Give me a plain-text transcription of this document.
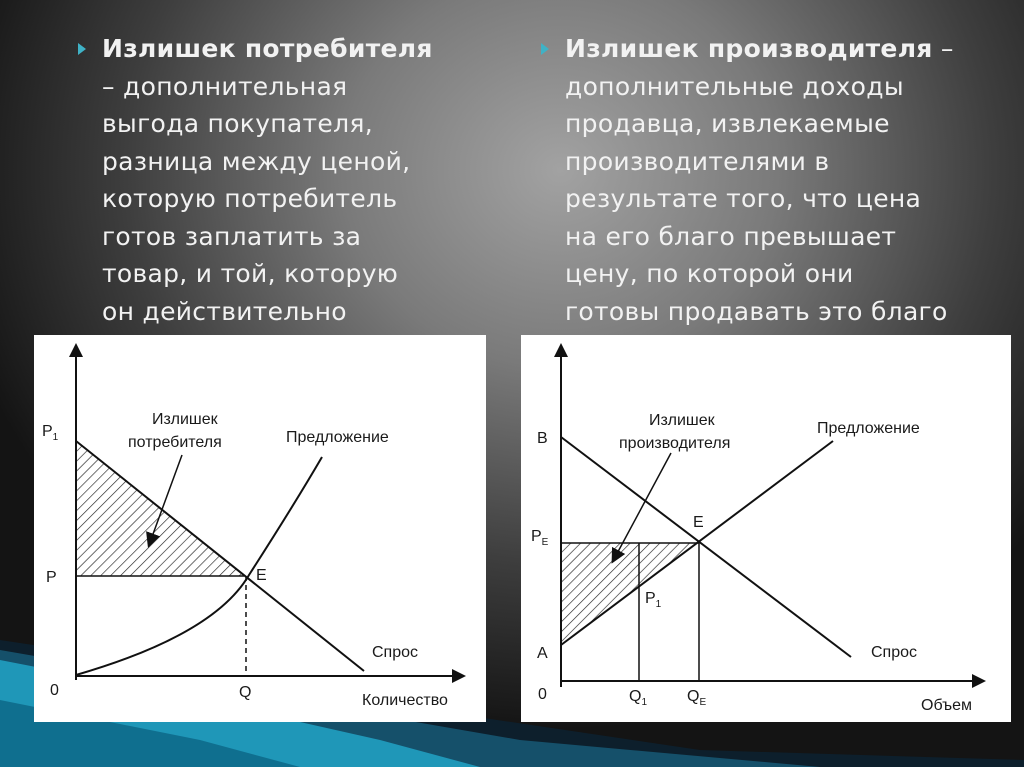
Излишек потребителя
– дополнительная
выгода покупателя,
разница между ценой,
которую потребитель
готов заплатить за
товар, и той, которую
он действительно
Излишек производителя –
дополнительные доходы
продавца, извлекаемые
производителями в
результате того, что цена
на его благо превышает
цену, по которой они
готовы продавать это благо
$P_1$
P
0	Q
E
Излишек
потребителя	Предложение
Спрос
Количество
B
$P_E$
A
0	$Q_1$ $Q_E$
E
$P_1$
Излишек
производителя
Предложение
Спрос
Объем
